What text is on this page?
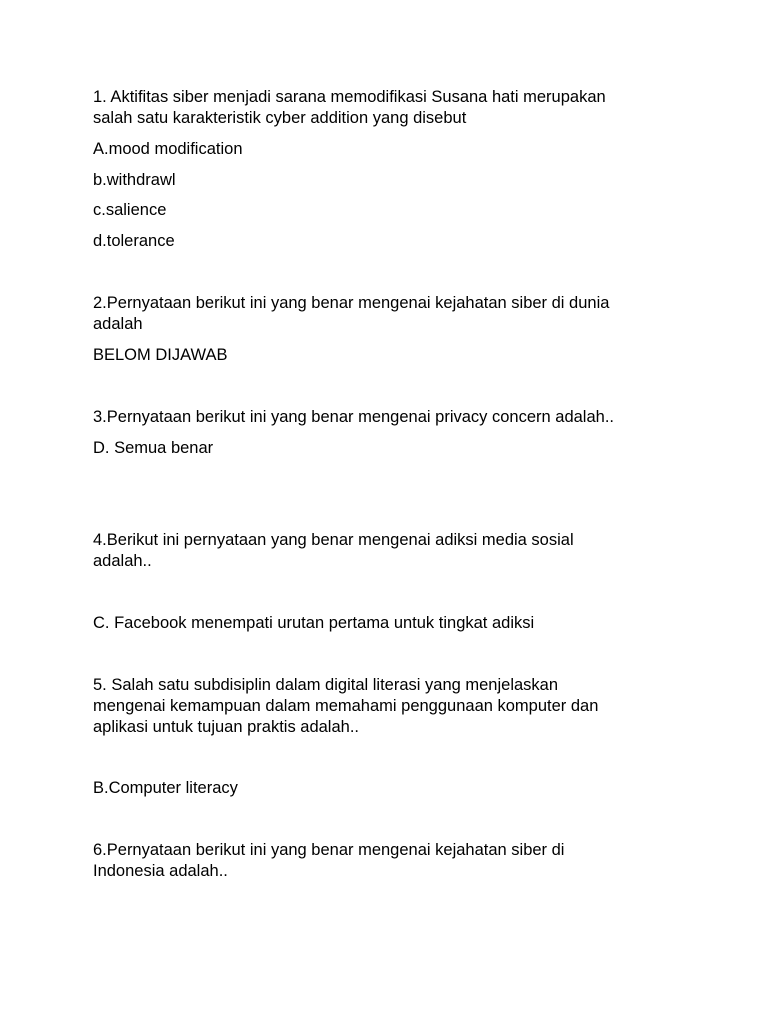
1. Aktifitas siber menjadi sarana memodifikasi Susana hati merupakan
salah satu karakteristik cyber addition yang disebut
A.mood modification
b.withdrawl
c.salience
d.tolerance
2.Pernyataan berikut ini yang benar mengenai kejahatan siber di dunia
adalah
BELOM DIJAWAB
3.Pernyataan berikut ini yang benar mengenai privacy concern adalah..
D. Semua benar
4.Berikut ini pernyataan yang benar mengenai adiksi media sosial
adalah..
C. Facebook menempati urutan pertama untuk tingkat adiksi
5. Salah satu subdisiplin dalam digital literasi yang menjelaskan
mengenai kemampuan dalam memahami penggunaan komputer dan
aplikasi untuk tujuan praktis adalah..
B.Computer literacy
6.Pernyataan berikut ini yang benar mengenai kejahatan siber di
Indonesia adalah..
